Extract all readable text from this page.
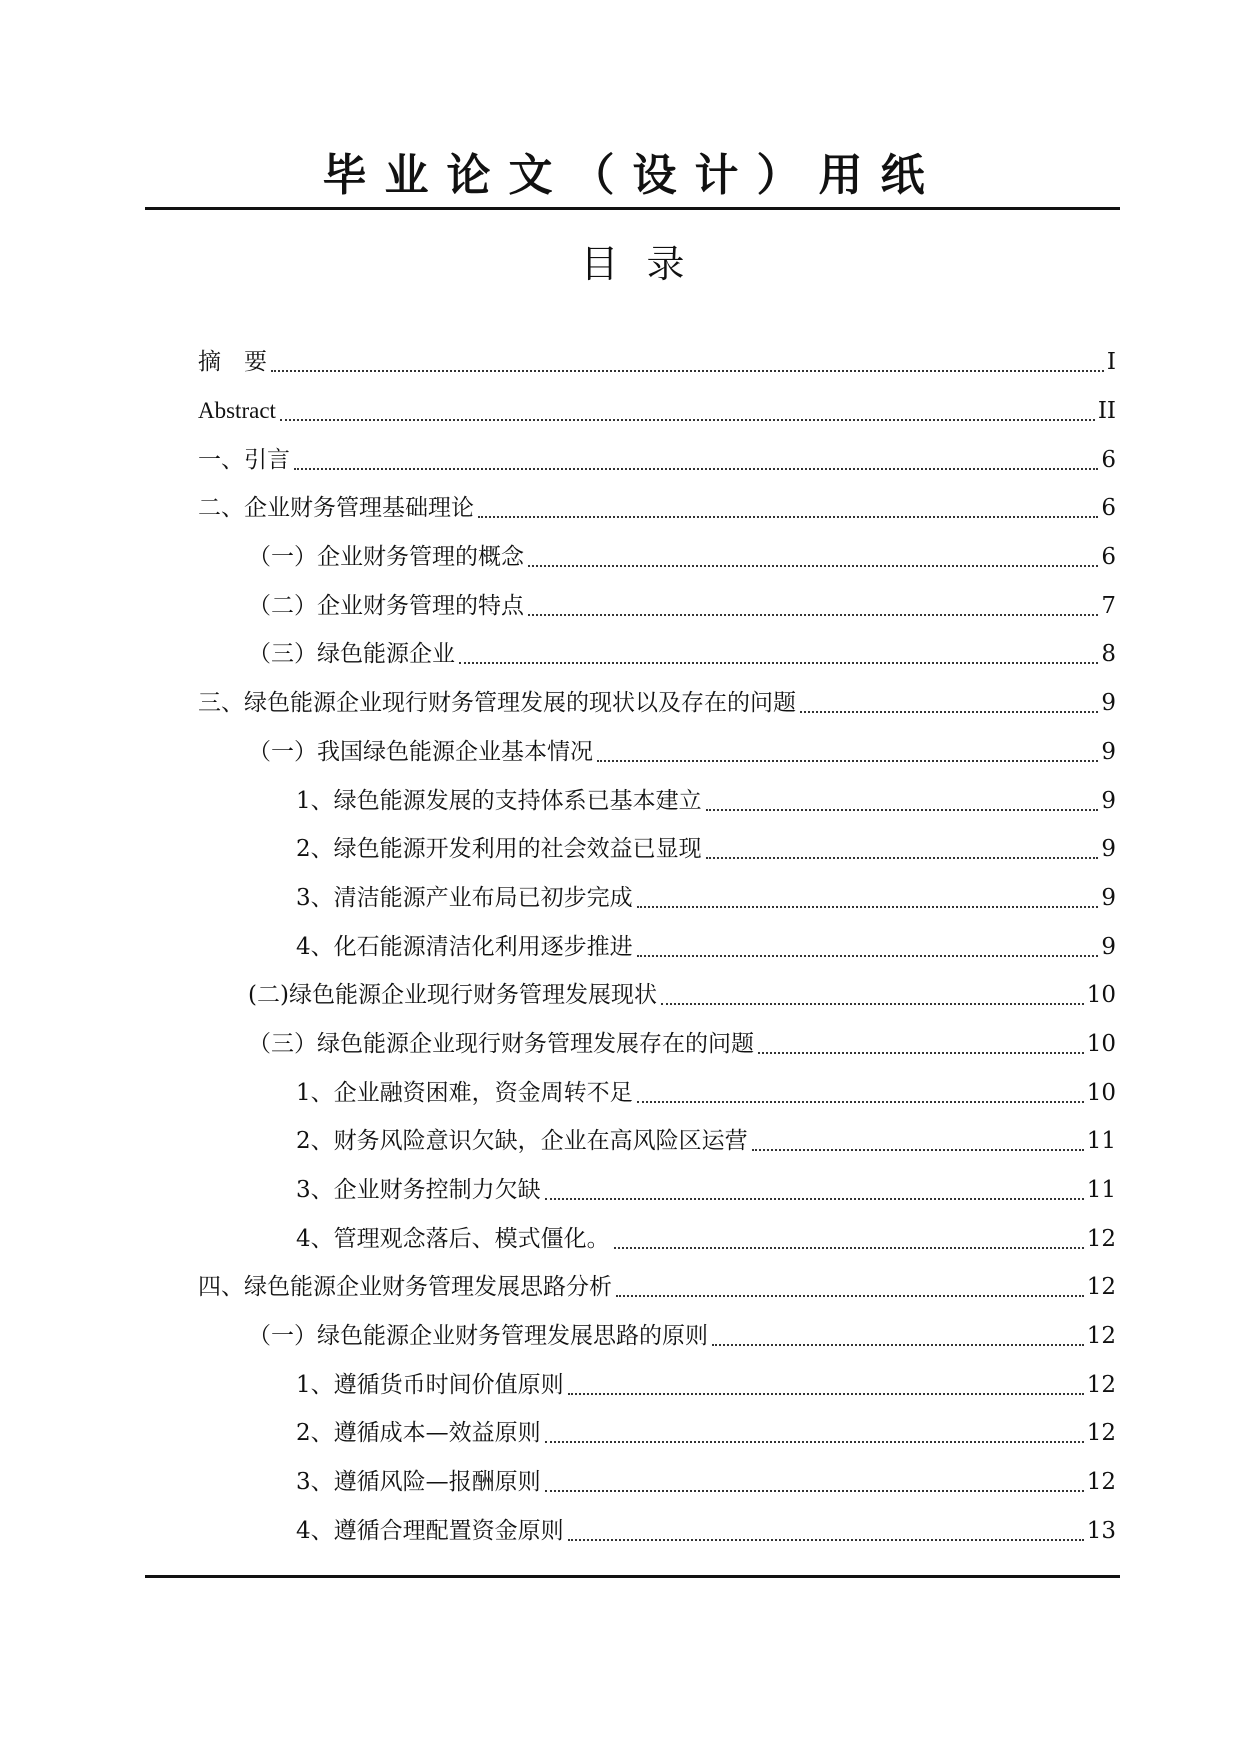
毕业论文（设计）用纸
目 录
摘　要	I
Abstract	II
一、引言	6
二、企业财务管理基础理论	6
（一）企业财务管理的概念	6
（二）企业财务管理的特点	7
（三）绿色能源企业	8
三、绿色能源企业现行财务管理发展的现状以及存在的问题	9
（一）我国绿色能源企业基本情况	9
1、绿色能源发展的支持体系已基本建立	9
2、绿色能源开发利用的社会效益已显现	9
3、清洁能源产业布局已初步完成	9
4、化石能源清洁化利用逐步推进	9
(二)绿色能源企业现行财务管理发展现状	10
（三）绿色能源企业现行财务管理发展存在的问题	10
1、企业融资困难，资金周转不足	10
2、财务风险意识欠缺，企业在高风险区运营	11
3、企业财务控制力欠缺	11
4、管理观念落后、模式僵化。	12
四、绿色能源企业财务管理发展思路分析	12
（一）绿色能源企业财务管理发展思路的原则	12
1、遵循货币时间价值原则	12
2、遵循成本—效益原则	12
3、遵循风险—报酬原则	12
4、遵循合理配置资金原则	13
